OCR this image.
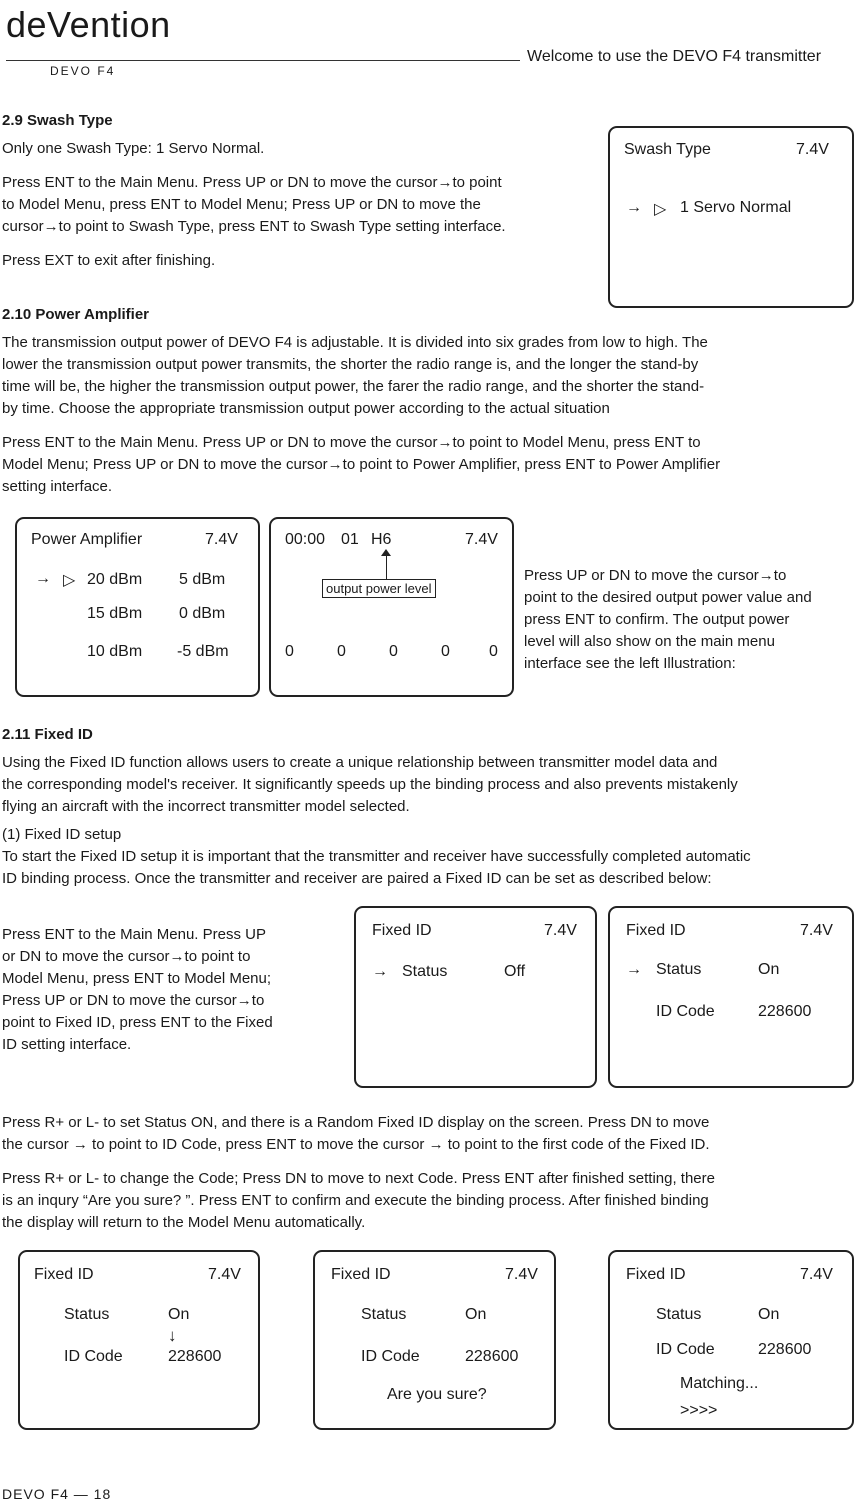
deVention
DEVO F4
Welcome to use the DEVO F4 transmitter
2.9 Swash Type

Only one Swash Type: 1 Servo Normal.

Press ENT to the Main Menu. Press UP or DN to move the cursor→to point

to Model Menu, press ENT to Model Menu; Press UP or DN to move the

cursor→to point to Swash Type, press ENT to Swash Type setting interface.

Press EXT to exit after finishing.

Swash Type	7.4V
→ ▷ 1 Servo Normal
2.10 Power Amplifier

The transmission output power of DEVO F4 is adjustable. It is divided into six grades from low to high. The

lower the transmission output power transmits, the shorter the radio range is, and the longer the stand-by

time will be, the higher the transmission output power, the farer the radio range, and the shorter the stand-

by time. Choose the appropriate transmission output power according to the actual situation

Press ENT to the Main Menu. Press UP or DN to move the cursor→to point to Model Menu, press ENT to

Model Menu; Press UP or DN to move the cursor→to point to Power Amplifier, press ENT to Power Amplifier

setting interface.

Power Amplifier	7.4V
→ ▷ 20 dBm 5 dBm
15 dBm 0 dBm
10 dBm -5 dBm
00:00 01 H6	7.4V
output power level
0	0	0	0 0

Press UP or DN to move the cursor→to

point to the desired output power value and

press ENT to confirm. The output power

level will also show on the main menu

interface see the left Illustration:

2.11 Fixed ID

Using the Fixed ID function allows users to create a unique relationship between transmitter model data and

the corresponding model's receiver. It significantly speeds up the binding process and also prevents mistakenly

flying an aircraft with the incorrect transmitter model selected.

(1) Fixed ID setup

To start the Fixed ID setup it is important that the transmitter and receiver have successfully completed automatic

ID binding process. Once the transmitter and receiver are paired a Fixed ID can be set as described below:

Press ENT to the Main Menu. Press UP

or DN to move the cursor→to point to

Model Menu, press ENT to Model Menu;

Press UP or DN to move the cursor→to

point to Fixed ID, press ENT to the Fixed

ID setting interface.

Fixed ID	7.4V
→ Status	Off
Fixed ID	7.4V
→ Status	On
ID Code	228600

Press R+ or L- to set Status ON, and there is a Random Fixed ID display on the screen. Press DN to move

the cursor → to point to ID Code, press ENT to move the cursor → to point to the first code of the Fixed ID.

Press R+ or L- to change the Code; Press DN to move to next Code. Press ENT after finished setting, there

is an inqury “Are you sure? ”. Press ENT to confirm and execute the binding process. After finished binding

the display will return to the Model Menu automatically.

Fixed ID	7.4V
Status	On
↓
ID Code	228600
Fixed ID	7.4V
Status	On
ID Code	228600
Are you sure?
Fixed ID	7.4V
Status	On
ID Code	228600
Matching...
>>>>
DEVO F4 — 18
